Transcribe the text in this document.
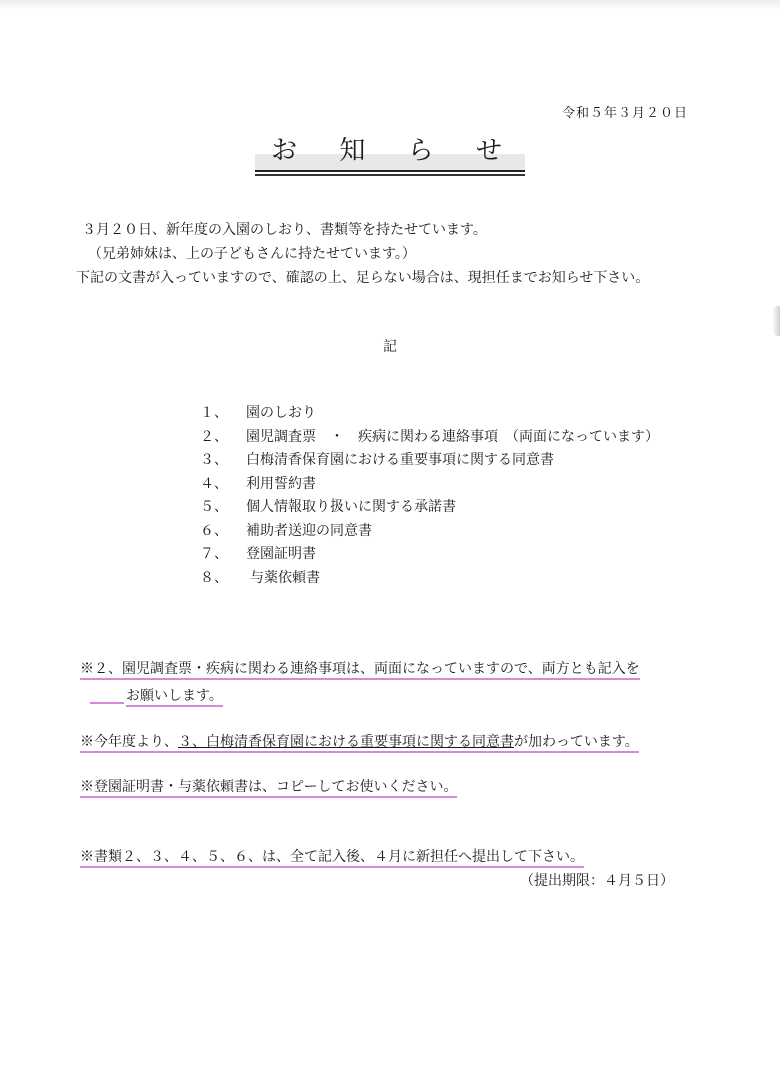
令和５年３月２０日
お 知 ら せ
３月２０日、新年度の入園のしおり、書類等を持たせています。
（兄弟姉妹は、上の子どもさんに持たせています。）
下記の文書が入っていますので、確認の上、足らない場合は、現担任までお知らせ下さい。
記
１、 園のしおり
２、 園児調査票　・　疾病に関わる連絡事項　（両面になっています）
３、 白梅清香保育園における重要事項に関する同意書
４、 利用誓約書
５、 個人情報取り扱いに関する承諾書
６、 補助者送迎の同意書
７、 登園証明書
８、 与薬依頼書
※２、園児調査票・疾病に関わる連絡事項は、両面になっていますので、両方とも記入を
お願いします。
※今年度より、３、白梅清香保育園における重要事項に関する同意書が加わっています。
※登園証明書・与薬依頼書は、コピーしてお使いください。
※書類２、３、４、５、６、は、全て記入後、４月に新担任へ提出して下さい。
（提出期限：４月５日）
